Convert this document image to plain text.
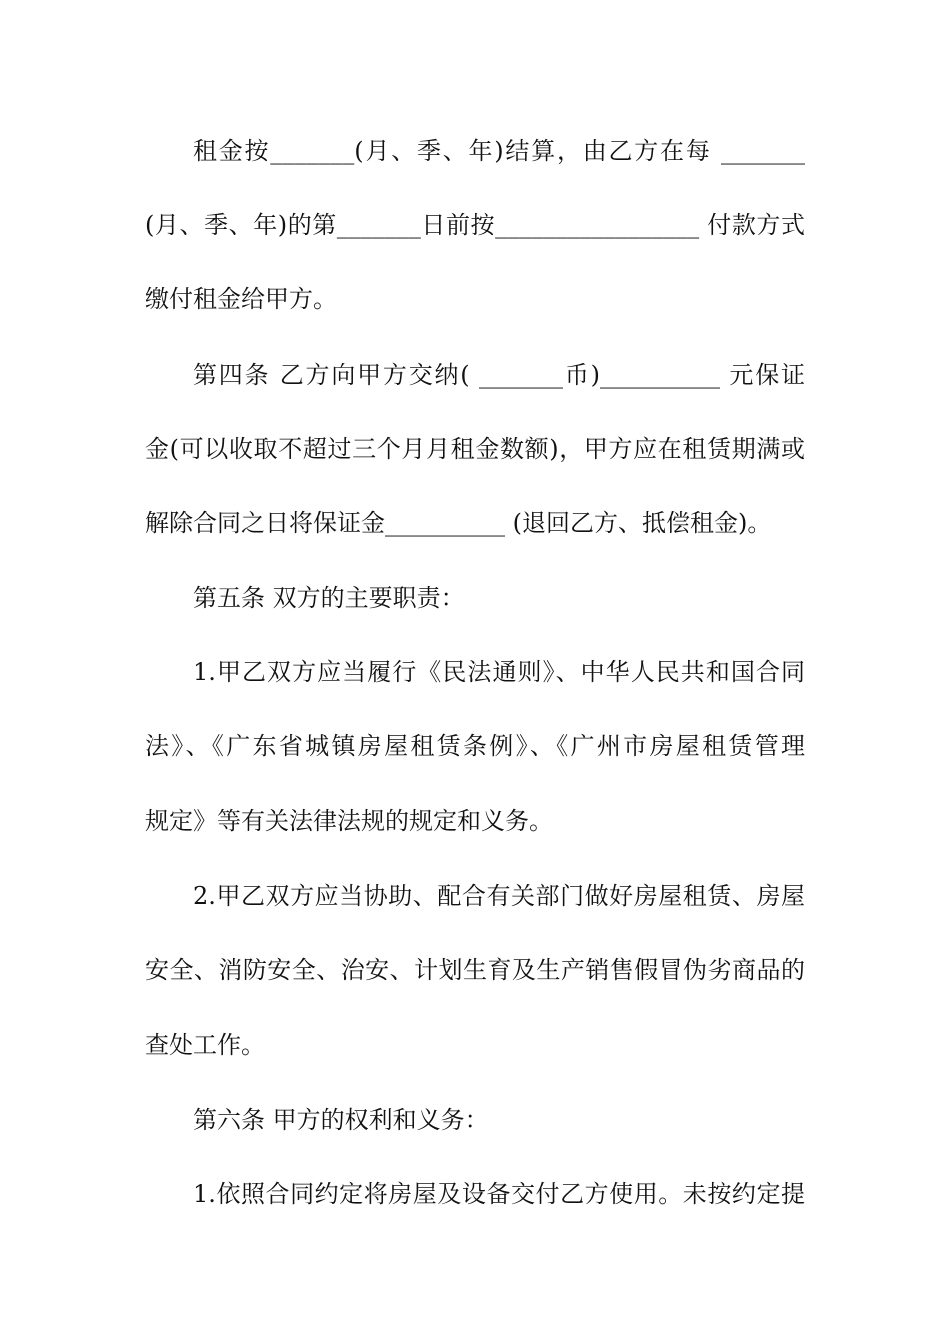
租金按_______(月、季、年)结算，由乙方在每 _______
(月、季、年)的第_______日前按_________________ 付款方式
缴付租金给甲方。
第四条 乙方向甲方交纳( _______币)__________ 元保证
金(可以收取不超过三个月月租金数额)，甲方应在租赁期满或
解除合同之日将保证金__________ (退回乙方、抵偿租金)。
第五条 双方的主要职责：
1.甲乙双方应当履行《民法通则》、中华人民共和国合同
法》、《广东省城镇房屋租赁条例》、《广州市房屋租赁管理
规定》等有关法律法规的规定和义务。
2.甲乙双方应当协助、配合有关部门做好房屋租赁、房屋
安全、消防安全、治安、计划生育及生产销售假冒伪劣商品的
查处工作。
第六条 甲方的权利和义务：
1.依照合同约定将房屋及设备交付乙方使用。未按约定提
